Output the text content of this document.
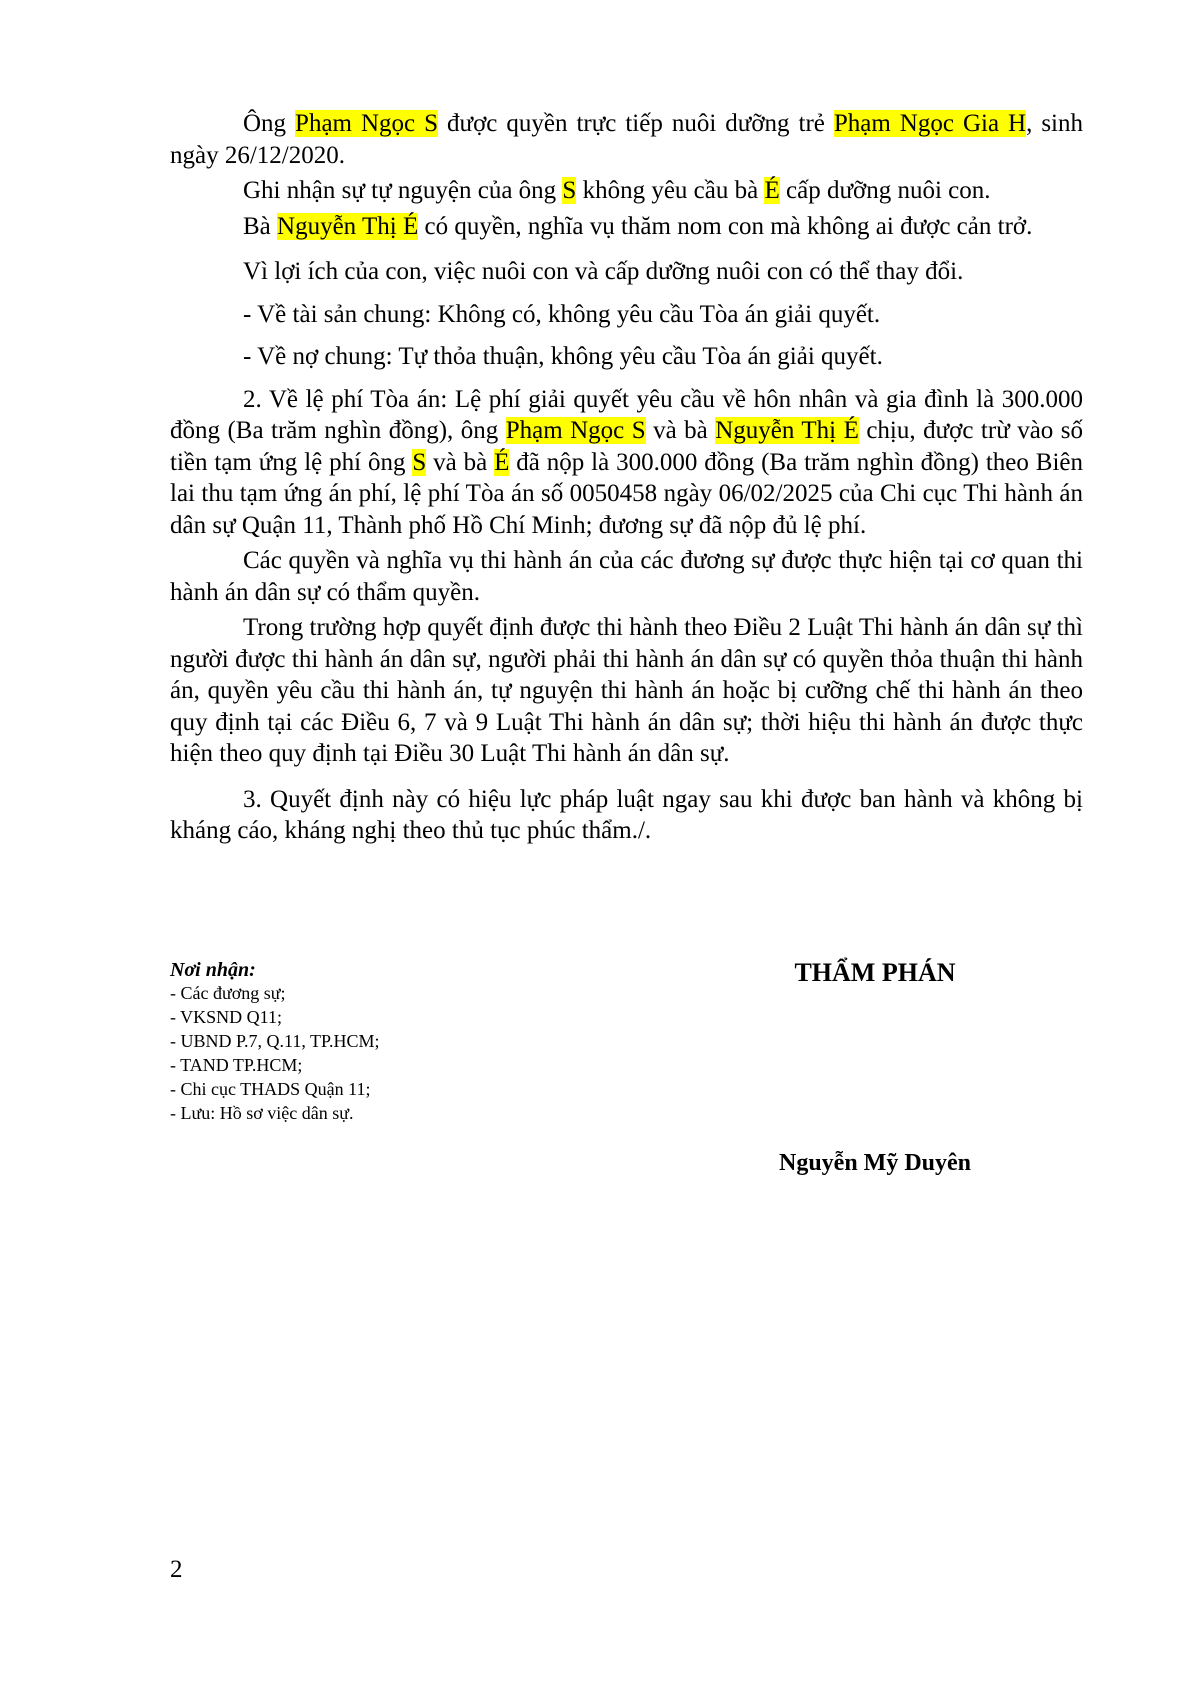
Ông Phạm Ngọc S được quyền trực tiếp nuôi dưỡng trẻ Phạm Ngọc Gia H, sinh ngày 26/12/2020.

Ghi nhận sự tự nguyện của ông S không yêu cầu bà É cấp dưỡng nuôi con.

Bà Nguyễn Thị É có quyền, nghĩa vụ thăm nom con mà không ai được cản trở.

Vì lợi ích của con, việc nuôi con và cấp dưỡng nuôi con có thể thay đổi.

- Về tài sản chung: Không có, không yêu cầu Tòa án giải quyết.

- Về nợ chung: Tự thỏa thuận, không yêu cầu Tòa án giải quyết.

2. Về lệ phí Tòa án: Lệ phí giải quyết yêu cầu về hôn nhân và gia đình là 300.000 đồng (Ba trăm nghìn đồng), ông Phạm Ngọc S và bà Nguyễn Thị É chịu, được trừ vào số tiền tạm ứng lệ phí ông S và bà É đã nộp là 300.000 đồng (Ba trăm nghìn đồng) theo Biên lai thu tạm ứng án phí, lệ phí Tòa án số 0050458 ngày 06/02/2025 của Chi cục Thi hành án dân sự Quận 11, Thành phố Hồ Chí Minh; đương sự đã nộp đủ lệ phí.

Các quyền và nghĩa vụ thi hành án của các đương sự được thực hiện tại cơ quan thi hành án dân sự có thẩm quyền.

Trong trường hợp quyết định được thi hành theo Điều 2 Luật Thi hành án dân sự thì người được thi hành án dân sự, người phải thi hành án dân sự có quyền thỏa thuận thi hành án, quyền yêu cầu thi hành án, tự nguyện thi hành án hoặc bị cưỡng chế thi hành án theo quy định tại các Điều 6, 7 và 9 Luật Thi hành án dân sự; thời hiệu thi hành án được thực hiện theo quy định tại Điều 30 Luật Thi hành án dân sự.

3. Quyết định này có hiệu lực pháp luật ngay sau khi được ban hành và không bị kháng cáo, kháng nghị theo thủ tục phúc thẩm./.

Nơi nhận:
- Các đương sự;
- VKSND Q11;
- UBND P.7, Q.11, TP.HCM;
- TAND TP.HCM;
- Chi cục THADS Quận 11;
- Lưu: Hồ sơ việc dân sự.
THẨM PHÁN
Nguyễn Mỹ Duyên
2
